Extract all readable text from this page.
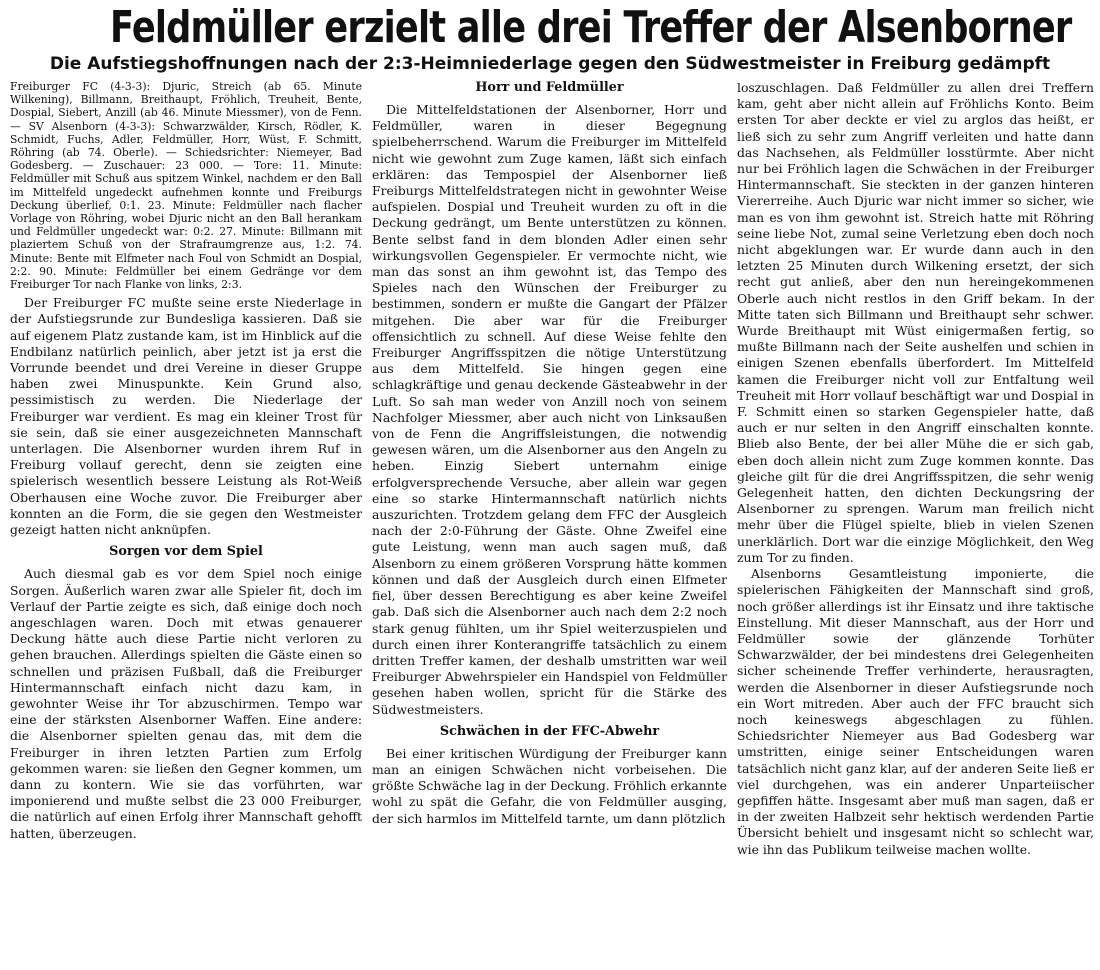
Feldmüller erzielt alle drei Treffer der Alsenborner
Die Aufstiegshoffnungen nach der 2:3-Heimniederlage gegen den Südwestmeister in Freiburg gedämpft

Freiburger FC (4-3-3): Djuric, Streich (ab 65. Minute Wilkening), Billmann, Breithaupt, Fröhlich, Treuheit, Bente, Dospial, Siebert, Anzill (ab 46. Minute Miessmer), von de Fenn. — SV Alsenborn (4-3-3): Schwarzwälder, Kirsch, Rödler, K. Schmidt, Fuchs, Adler, Feldmüller, Horr, Wüst, F. Schmitt, Röhring (ab 74. Oberle). — Schiedsrichter: Niemeyer, Bad Godesberg. — Zuschauer: 23 000. — Tore: 11. Minute: Feldmüller mit Schuß aus spitzem Winkel, nachdem er den Ball im Mittelfeld ungedeckt aufnehmen konnte und Freiburgs Deckung überlief, 0:1. 23. Minute: Feldmüller nach flacher Vorlage von Röhring, wobei Djuric nicht an den Ball herankam und Feldmüller ungedeckt war: 0:2. 27. Minute: Billmann mit plaziertem Schuß von der Strafraumgrenze aus, 1:2. 74. Minute: Bente mit Elfmeter nach Foul von Schmidt an Dospial, 2:2. 90. Minute: Feldmüller bei einem Gedränge vor dem Freiburger Tor nach Flanke von links, 2:3.

Der Freiburger FC mußte seine erste Niederlage in der Aufstiegsrunde zur Bundesliga kassieren. Daß sie auf eigenem Platz zustande kam, ist im Hinblick auf die Endbilanz natürlich peinlich, aber jetzt ist ja erst die Vorrunde beendet und drei Vereine in dieser Gruppe haben zwei Minuspunkte. Kein Grund also, pessimistisch zu werden. Die Niederlage der Freiburger war verdient. Es mag ein kleiner Trost für sie sein, daß sie einer ausgezeichneten Mannschaft unterlagen. Die Alsenborner wurden ihrem Ruf in Freiburg vollauf gerecht, denn sie zeigten eine spielerisch wesentlich bessere Leistung als Rot-Weiß Oberhausen eine Woche zuvor. Die Freiburger aber konnten an die Form, die sie gegen den Westmeister gezeigt hatten nicht anknüpfen.

Sorgen vor dem Spiel

Auch diesmal gab es vor dem Spiel noch einige Sorgen. Äußerlich waren zwar alle Spieler fit, doch im Verlauf der Partie zeigte es sich, daß einige doch noch angeschlagen waren. Doch mit etwas genauerer Deckung hätte auch diese Partie nicht verloren zu gehen brauchen. Allerdings spielten die Gäste einen so schnellen und präzisen Fußball, daß die Freiburger Hintermannschaft einfach nicht dazu kam, in gewohnter Weise ihr Tor abzuschirmen. Tempo war eine der stärksten Alsenborner Waffen. Eine andere: die Alsenborner spielten genau das, mit dem die Freiburger in ihren letzten Partien zum Erfolg gekommen waren: sie ließen den Gegner kommen, um dann zu kontern. Wie sie das vorführten, war imponierend und mußte selbst die 23 000 Freiburger, die natürlich auf einen Erfolg ihrer Mannschaft gehofft hatten, überzeugen.

Horr und Feldmüller

Die Mittelfeldstationen der Alsenborner, Horr und Feldmüller, waren in dieser Begegnung spielbeherrschend. Warum die Freiburger im Mittelfeld nicht wie gewohnt zum Zuge kamen, läßt sich einfach erklären: das Tempospiel der Alsenborner ließ Freiburgs Mittelfeldstrategen nicht in gewohnter Weise aufspielen. Dospial und Treuheit wurden zu oft in die Deckung gedrängt, um Bente unterstützen zu können. Bente selbst fand in dem blonden Adler einen sehr wirkungsvollen Gegenspieler. Er vermochte nicht, wie man das sonst an ihm gewohnt ist, das Tempo des Spieles nach den Wünschen der Freiburger zu bestimmen, sondern er mußte die Gangart der Pfälzer mitgehen. Die aber war für die Freiburger offensichtlich zu schnell. Auf diese Weise fehlte den Freiburger Angriffsspitzen die nötige Unterstützung aus dem Mittelfeld. Sie hingen gegen eine schlagkräftige und genau deckende Gästeabwehr in der Luft. So sah man weder von Anzill noch von seinem Nachfolger Miessmer, aber auch nicht von Linksaußen von de Fenn die Angriffsleistungen, die notwendig gewesen wären, um die Alsenborner aus den Angeln zu heben. Einzig Siebert unternahm einige erfolgversprechende Versuche, aber allein war gegen eine so starke Hintermannschaft natürlich nichts auszurichten. Trotzdem gelang dem FFC der Ausgleich nach der 2:0-Führung der Gäste. Ohne Zweifel eine gute Leistung, wenn man auch sagen muß, daß Alsenborn zu einem größeren Vorsprung hätte kommen können und daß der Ausgleich durch einen Elfmeter fiel, über dessen Berechtigung es aber keine Zweifel gab. Daß sich die Alsenborner auch nach dem 2:2 noch stark genug fühlten, um ihr Spiel weiterzuspielen und durch einen ihrer Konterangriffe tatsächlich zu einem dritten Treffer kamen, der deshalb umstritten war weil Freiburger Abwehrspieler ein Handspiel von Feldmüller gesehen haben wollen, spricht für die Stärke des Südwestmeisters.

Schwächen in der FFC-Abwehr

Bei einer kritischen Würdigung der Freiburger kann man an einigen Schwächen nicht vorbeisehen. Die größte Schwäche lag in der Deckung. Fröhlich erkannte wohl zu spät die Gefahr, die von Feldmüller ausging, der sich harmlos im Mittelfeld tarnte, um dann plötzlich

loszuschlagen. Daß Feldmüller zu allen drei Treffern kam, geht aber nicht allein auf Fröhlichs Konto. Beim ersten Tor aber deckte er viel zu arglos das heißt, er ließ sich zu sehr zum Angriff verleiten und hatte dann das Nachsehen, als Feldmüller losstürmte. Aber nicht nur bei Fröhlich lagen die Schwächen in der Freiburger Hintermannschaft. Sie steckten in der ganzen hinteren Viererreihe. Auch Djuric war nicht immer so sicher, wie man es von ihm gewohnt ist. Streich hatte mit Röhring seine liebe Not, zumal seine Verletzung eben doch noch nicht abgeklungen war. Er wurde dann auch in den letzten 25 Minuten durch Wilkening ersetzt, der sich recht gut anließ, aber den nun hereingekommenen Oberle auch nicht restlos in den Griff bekam. In der Mitte taten sich Billmann und Breithaupt sehr schwer. Wurde Breithaupt mit Wüst einigermaßen fertig, so mußte Billmann nach der Seite aushelfen und schien in einigen Szenen ebenfalls überfordert. Im Mittelfeld kamen die Freiburger nicht voll zur Entfaltung weil Treuheit mit Horr vollauf beschäftigt war und Dospial in F. Schmitt einen so starken Gegenspieler hatte, daß auch er nur selten in den Angriff einschalten konnte. Blieb also Bente, der bei aller Mühe die er sich gab, eben doch allein nicht zum Zuge kommen konnte. Das gleiche gilt für die drei Angriffsspitzen, die sehr wenig Gelegenheit hatten, den dichten Deckungsring der Alsenborner zu sprengen. Warum man freilich nicht mehr über die Flügel spielte, blieb in vielen Szenen unerklärlich. Dort war die einzige Möglichkeit, den Weg zum Tor zu finden.

Alsenborns Gesamtleistung imponierte, die spielerischen Fähigkeiten der Mannschaft sind groß, noch größer allerdings ist ihr Einsatz und ihre taktische Einstellung. Mit dieser Mannschaft, aus der Horr und Feldmüller sowie der glänzende Torhüter Schwarzwälder, der bei mindestens drei Gelegenheiten sicher scheinende Treffer verhinderte, herausragten, werden die Alsenborner in dieser Aufstiegsrunde noch ein Wort mitreden. Aber auch der FFC braucht sich noch keineswegs abgeschlagen zu fühlen. Schiedsrichter Niemeyer aus Bad Godesberg war umstritten, einige seiner Entscheidungen waren tatsächlich nicht ganz klar, auf der anderen Seite ließ er viel durchgehen, was ein anderer Unparteiischer gepfiffen hätte. Insgesamt aber muß man sagen, daß er in der zweiten Halbzeit sehr hektisch werdenden Partie Übersicht behielt und insgesamt nicht so schlecht war, wie ihn das Publikum teilweise machen wollte.
